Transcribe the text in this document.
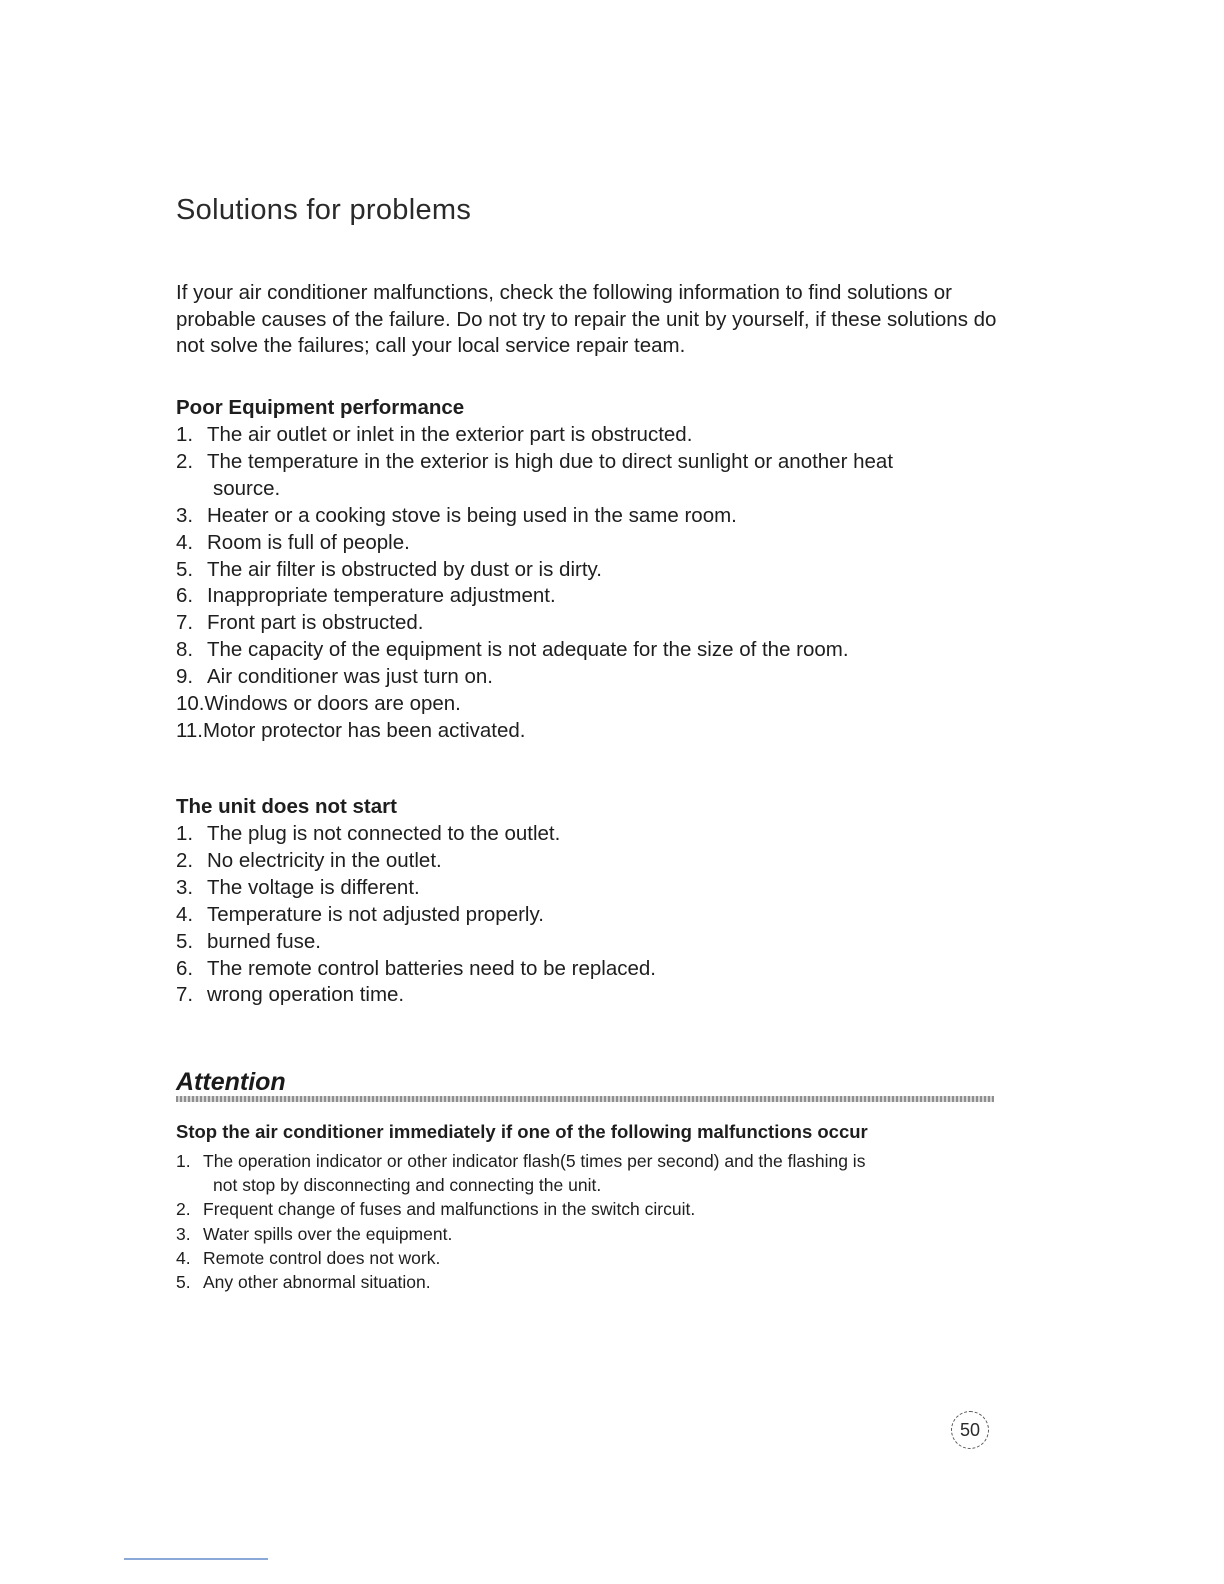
Solutions for problems

If your air conditioner malfunctions, check the following information to find solutions or probable causes of the failure. Do not try to repair the unit by yourself, if these solutions do not solve the failures; call your local service repair team.

Poor Equipment performance
1. The air outlet or inlet in the exterior part is obstructed.
2. The temperature in the exterior is high due to direct sunlight or another heat
source.
3. Heater or a cooking stove is being used in the same room.
4. Room is full of people.
5. The air filter is obstructed by dust or is dirty.
6. Inappropriate temperature adjustment.
7. Front part is obstructed.
8. The capacity of the equipment is not adequate for the size of the room.
9. Air conditioner was just turn on.
10.Windows or doors are open.
11.Motor protector has been activated.
The unit does not start
1. The plug is not connected to the outlet.
2. No electricity in the outlet.
3. The voltage is different.
4. Temperature is not adjusted properly.
5. burned fuse.
6. The remote control batteries need to be replaced.
7. wrong operation time.
Attention
Stop the air conditioner immediately if one of the following malfunctions occur
1. The operation indicator or other indicator flash(5 times per second) and the flashing is
not stop by disconnecting and connecting the unit.
2. Frequent change of fuses and malfunctions in the switch circuit.
3. Water spills over the equipment.
4. Remote control does not work.
5. Any other abnormal situation.
50
